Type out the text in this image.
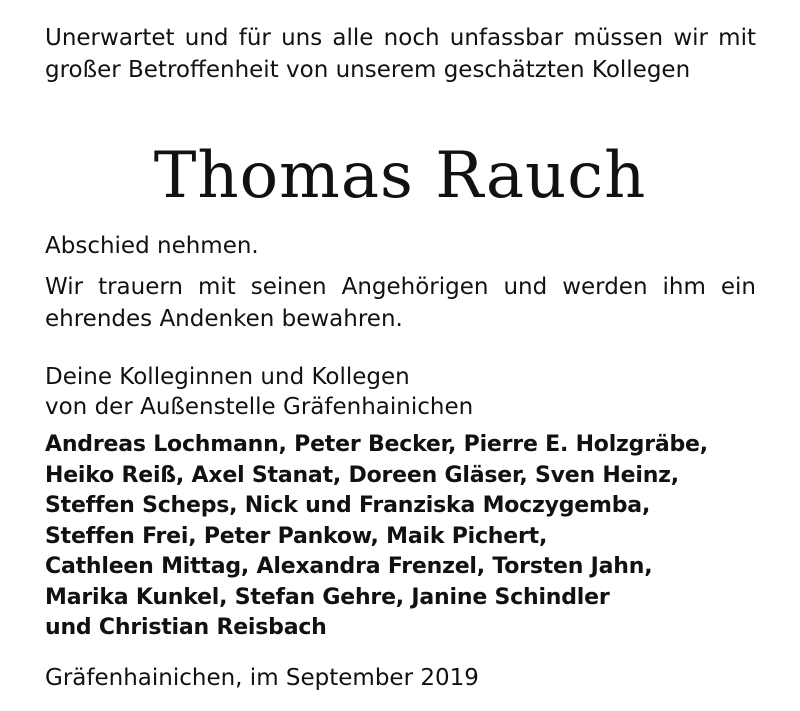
Unerwartet und für uns alle noch unfassbar müssen wir mit großer Betroffenheit von unserem geschätzten Kollegen

Thomas Rauch

Abschied nehmen.

Wir trauern mit seinen Angehörigen und werden ihm ein ehrendes Andenken bewahren.

Deine Kolleginnen und Kollegen
von der Außenstelle Gräfenhainichen

Andreas Lochmann, Peter Becker, Pierre E. Holzgräbe,
Heiko Reiß, Axel Stanat, Doreen Gläser, Sven Heinz,
Steffen Scheps, Nick und Franziska Moczygemba,
Steffen Frei, Peter Pankow, Maik Pichert,
Cathleen Mittag, Alexandra Frenzel, Torsten Jahn,
Marika Kunkel, Stefan Gehre, Janine Schindler
und Christian Reisbach

Gräfenhainichen, im September 2019
